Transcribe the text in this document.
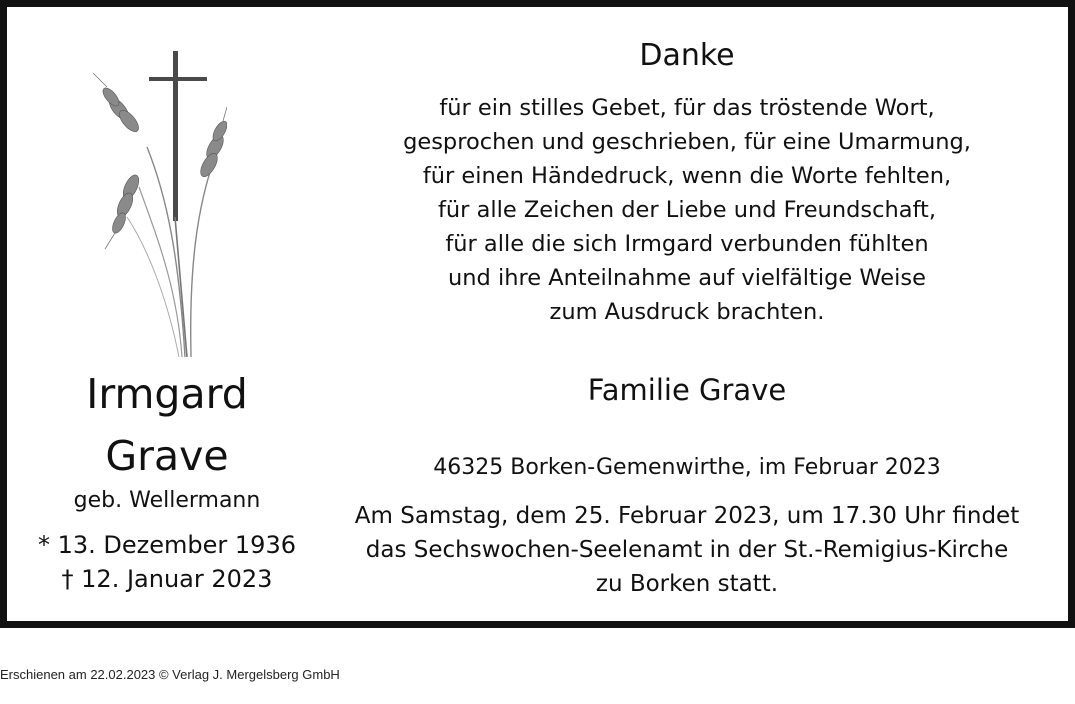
Irmgard
Grave
geb. Wellermann
* 13. Dezember 1936
† 12. Januar 2023
Danke
für ein stilles Gebet, für das tröstende Wort,
gesprochen und geschrieben, für eine Umarmung,
für einen Händedruck, wenn die Worte fehlten,
für alle Zeichen der Liebe und Freundschaft,
für alle die sich Irmgard verbunden fühlten
und ihre Anteilnahme auf vielfältige Weise
zum Ausdruck brachten.
Familie Grave
46325 Borken-Gemenwirthe, im Februar 2023
Am Samstag, dem 25. Februar 2023, um 17.30 Uhr findet
das Sechswochen-Seelenamt in der St.-Remigius-Kirche
zu Borken statt.
Erschienen am 22.02.2023 © Verlag J. Mergelsberg GmbH
